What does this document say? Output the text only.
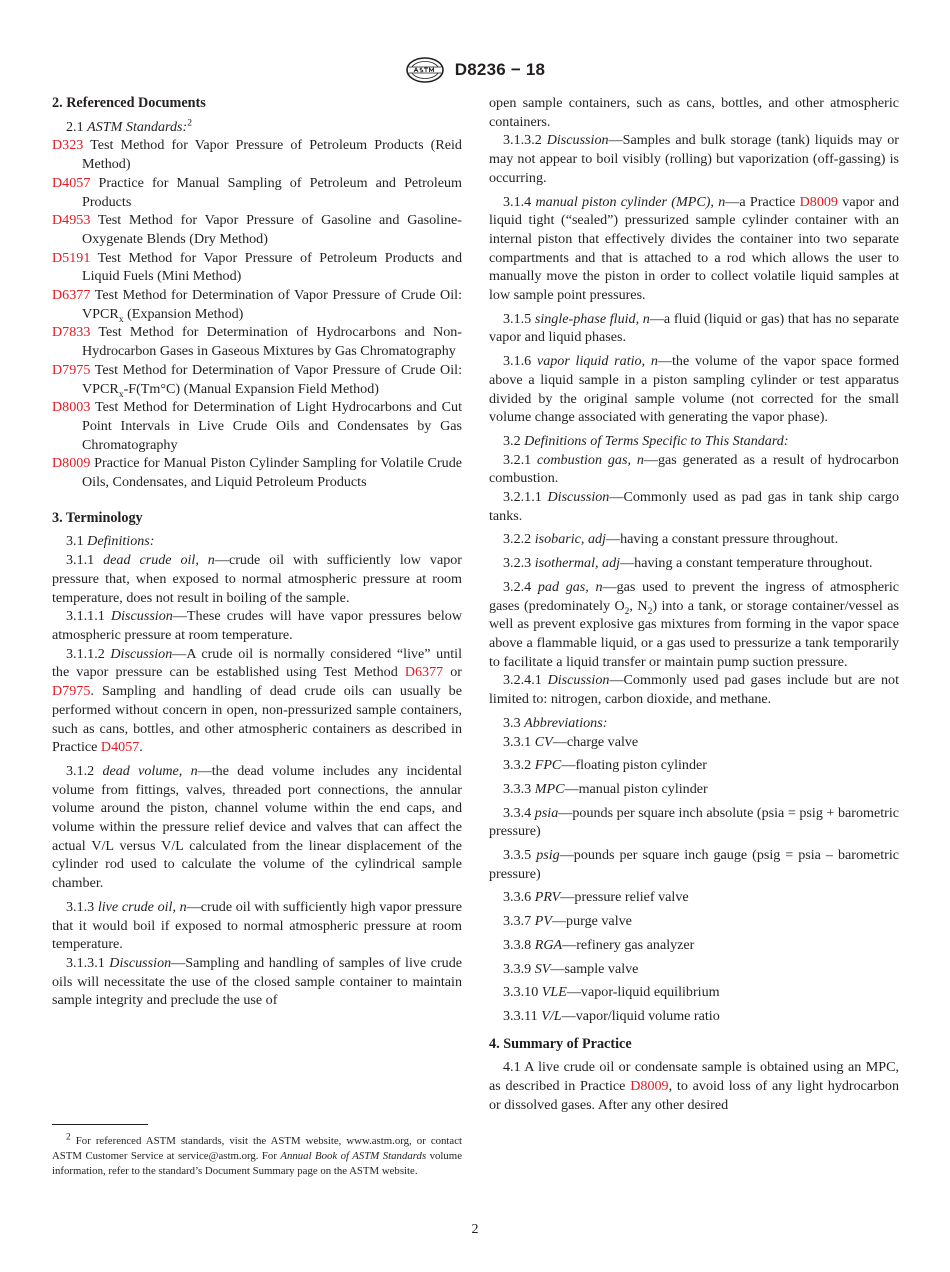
D8236 − 18
2. Referenced Documents

2.1 ASTM Standards:$^2$

D323 Test Method for Vapor Pressure of Petroleum Products (Reid Method)

D4057 Practice for Manual Sampling of Petroleum and Petroleum Products

D4953 Test Method for Vapor Pressure of Gasoline and Gasoline-Oxygenate Blends (Dry Method)

D5191 Test Method for Vapor Pressure of Petroleum Products and Liquid Fuels (Mini Method)

D6377 Test Method for Determination of Vapor Pressure of Crude Oil: $VPCR_x$ (Expansion Method)

D7833 Test Method for Determination of Hydrocarbons and Non-Hydrocarbon Gases in Gaseous Mixtures by Gas Chromatography

D7975 Test Method for Determination of Vapor Pressure of Crude Oil: $VPCR_x-F(Tm^\circ C)$ (Manual Expansion Field Method)

D8003 Test Method for Determination of Light Hydrocarbons and Cut Point Intervals in Live Crude Oils and Condensates by Gas Chromatography

D8009 Practice for Manual Piston Cylinder Sampling for Volatile Crude Oils, Condensates, and Liquid Petroleum Products

3. Terminology

3.1 Definitions:

3.1.1 dead crude oil, n—crude oil with sufficiently low vapor pressure that, when exposed to normal atmospheric pressure at room temperature, does not result in boiling of the sample.

3.1.1.1 Discussion—These crudes will have vapor pressures below atmospheric pressure at room temperature.

3.1.1.2 Discussion—A crude oil is normally considered “live” until the vapor pressure can be established using Test Method D6377 or D7975. Sampling and handling of dead crude oils can usually be performed without concern in open, non-pressurized sample containers, such as cans, bottles, and other atmospheric containers as described in Practice D4057.

3.1.2 dead volume, n—the dead volume includes any incidental volume from fittings, valves, threaded port connections, the annular volume around the piston, channel volume within the end caps, and volume within the pressure relief device and valves that can affect the actual V/L versus V/L calculated from the linear displacement of the cylinder rod used to calculate the volume of the cylindrical sample chamber.

3.1.3 live crude oil, n—crude oil with sufficiently high vapor pressure that it would boil if exposed to normal atmospheric pressure at room temperature.

3.1.3.1 Discussion—Sampling and handling of samples of live crude oils will necessitate the use of the closed sample container to maintain sample integrity and preclude the use of

open sample containers, such as cans, bottles, and other atmospheric containers.

3.1.3.2 Discussion—Samples and bulk storage (tank) liquids may or may not appear to boil visibly (rolling) but vaporization (off-gassing) is occurring.

3.1.4 manual piston cylinder (MPC), n—a Practice D8009 vapor and liquid tight (“sealed”) pressurized sample cylinder container with an internal piston that effectively divides the container into two separate compartments and that is attached to a rod which allows the user to manually move the piston in order to collect volatile liquid samples at low sample point pressures.

3.1.5 single-phase fluid, n—a fluid (liquid or gas) that has no separate vapor and liquid phases.

3.1.6 vapor liquid ratio, n—the volume of the vapor space formed above a liquid sample in a piston sampling cylinder or test apparatus divided by the original sample volume (not corrected for the small volume change associated with generating the vapor phase).

3.2 Definitions of Terms Specific to This Standard:

3.2.1 combustion gas, n—gas generated as a result of hydrocarbon combustion.

3.2.1.1 Discussion—Commonly used as pad gas in tank ship cargo tanks.

3.2.2 isobaric, adj—having a constant pressure throughout.

3.2.3 isothermal, adj—having a constant temperature throughout.

3.2.4 pad gas, n—gas used to prevent the ingress of atmospheric gases (predominately $O_2$, $N_2$) into a tank, or storage container/vessel as well as prevent explosive gas mixtures from forming in the vapor space above a flammable liquid, or a gas used to pressurize a tank temporarily to facilitate a liquid transfer or maintain pump suction pressure.

3.2.4.1 Discussion—Commonly used pad gases include but are not limited to: nitrogen, carbon dioxide, and methane.

3.3 Abbreviations:

3.3.1 CV—charge valve

3.3.2 FPC—floating piston cylinder

3.3.3 MPC—manual piston cylinder

3.3.4 psia—pounds per square inch absolute (psia = psig + barometric pressure)

3.3.5 psig—pounds per square inch gauge (psig = psia – barometric pressure)

3.3.6 PRV—pressure relief valve

3.3.7 PV—purge valve

3.3.8 RGA—refinery gas analyzer

3.3.9 SV—sample valve

3.3.10 VLE—vapor-liquid equilibrium

3.3.11 V/L—vapor/liquid volume ratio

4. Summary of Practice

4.1 A live crude oil or condensate sample is obtained using an MPC, as described in Practice D8009, to avoid loss of any light hydrocarbon or dissolved gases. After any other desired

$^2$ For referenced ASTM standards, visit the ASTM website, www.astm.org, or contact ASTM Customer Service at service@astm.org. For Annual Book of ASTM Standards volume information, refer to the standard’s Document Summary page on the ASTM website.

2
